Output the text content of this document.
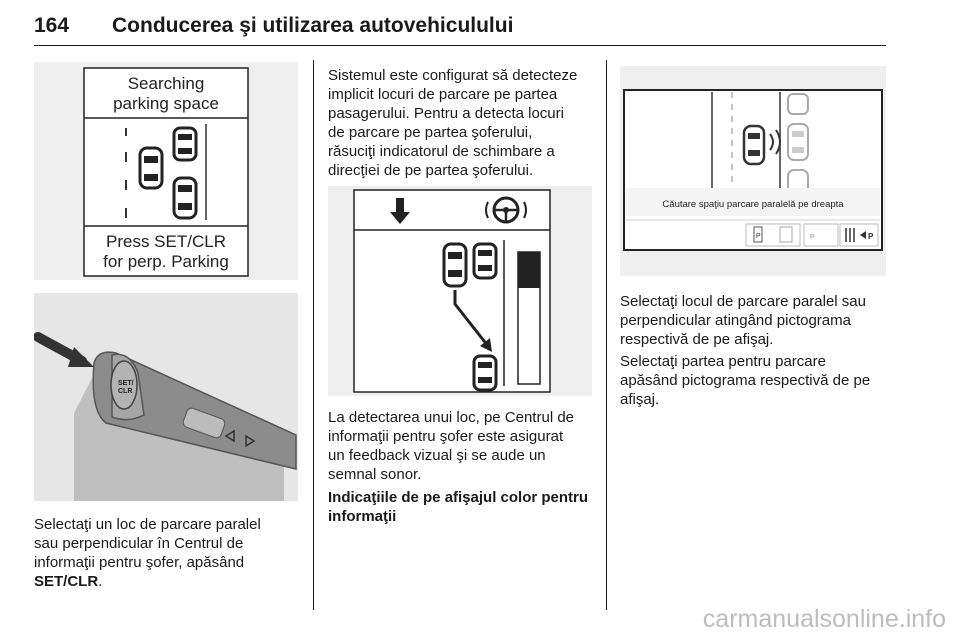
164 Conducerea şi utilizarea autovehiculului
Searching
parking space
Press SET/CLR
for perp. Parking
SET/
CLR
Selectaţi un loc de parcare paralel
sau perpendicular în Centrul de
informaţii pentru şofer, apăsând
SET/CLR.
Sistemul este configurat să detecteze
implicit locuri de parcare pe partea
pasagerului. Pentru a detecta locuri
de parcare pe partea şoferului,
răsuciţi indicatorul de schimbare a
direcţiei de pe partea şoferului.
La detectarea unui loc, pe Centrul de
informaţii pentru şofer este asigurat
un feedback vizual şi se aude un
semnal sonor.
Indicaţiile de pe afişajul color pentru
informaţii
Căutare spaţiu parcare paralelă pe dreapta
P	P	P
Selectaţi locul de parcare paralel sau
perpendicular atingând pictograma
respectivă de pe afişaj.
Selectaţi partea pentru parcare
apăsând pictograma respectivă de pe
afişaj.
carmanualsonline.info
